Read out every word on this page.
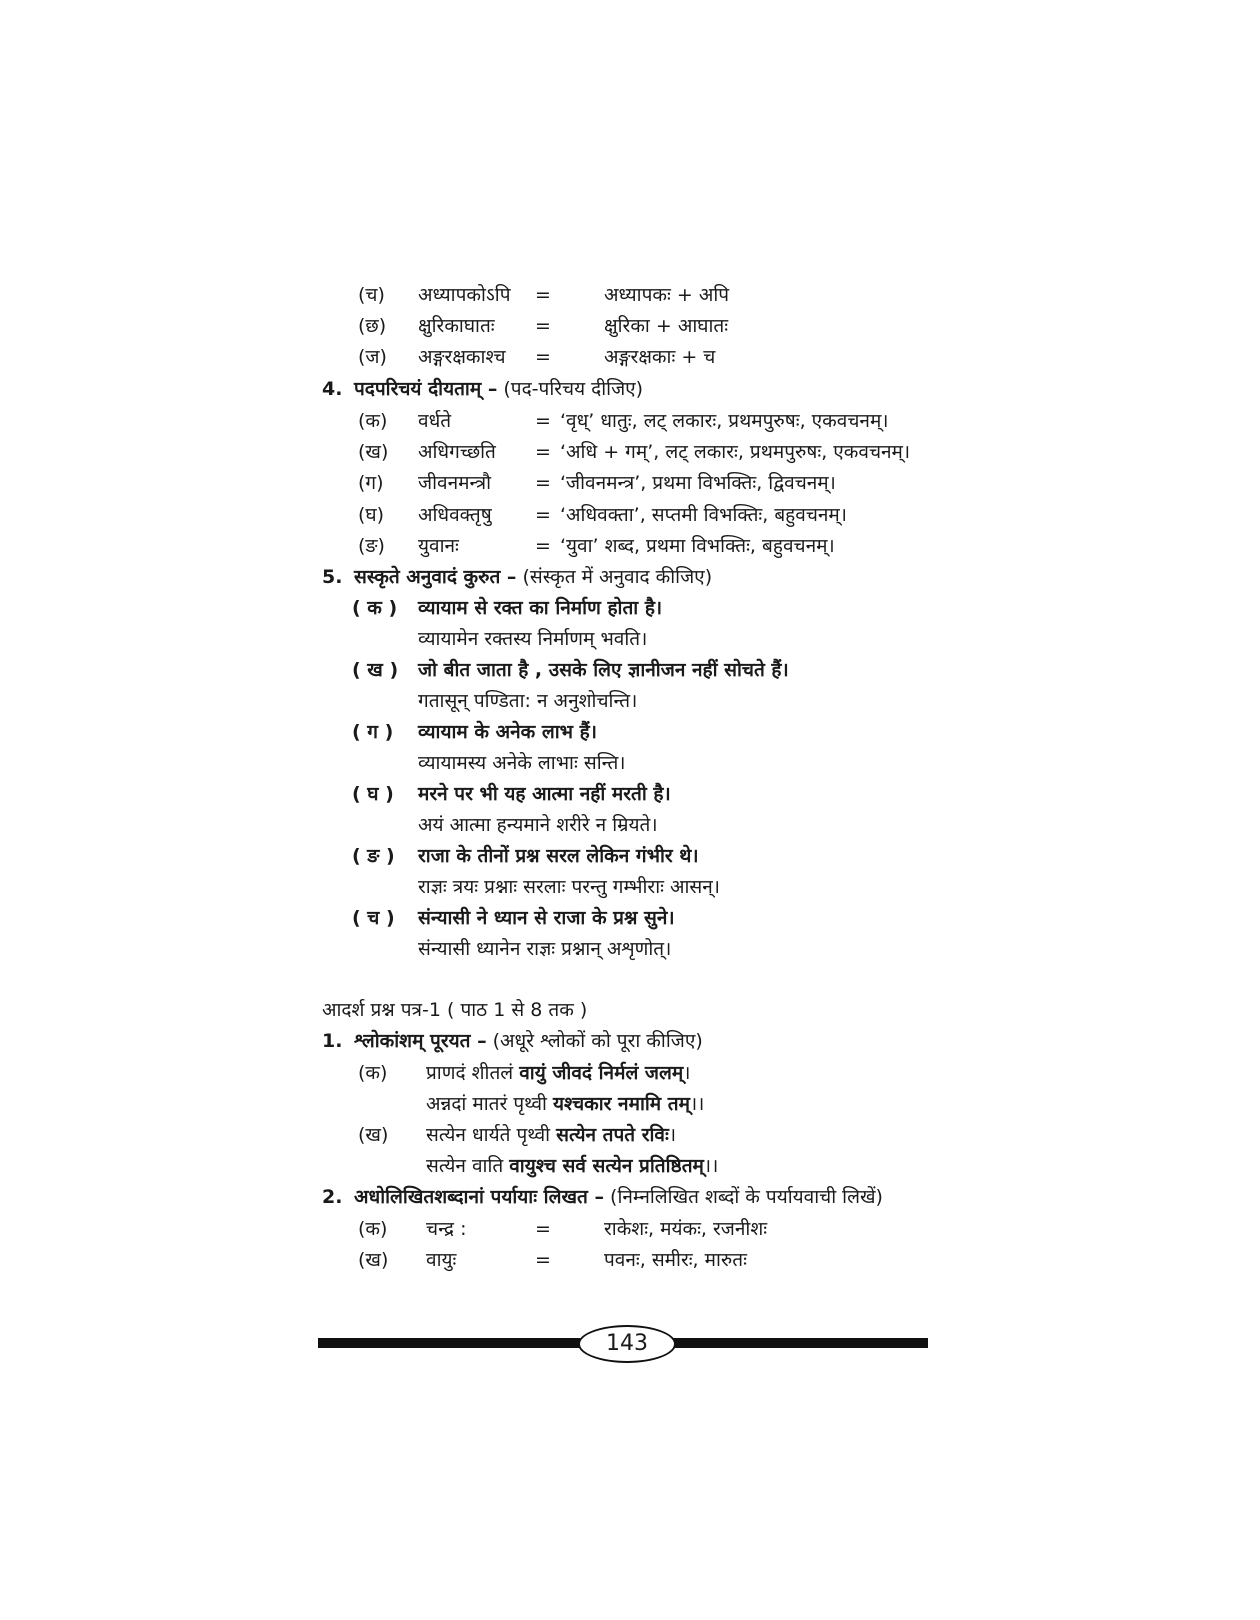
(च) अध्यापकोऽपि =	अध्यापकः + अपि
(छ) क्षुरिकाघातः =	क्षुरिका + आघातः
(ज) अङ्गरक्षकाश्च =	अङ्गरक्षकाः + च
4. पदपरिचयं दीयताम् – (पद-परिचय दीजिए)
(क) वर्धते	= ‘वृध्’ धातुः, लट् लकारः, प्रथमपुरुषः, एकवचनम्।
(ख) अधिगच्छति = ‘अधि + गम्’, लट् लकारः, प्रथमपुरुषः, एकवचनम्।
(ग) जीवनमन्त्रौ = ‘जीवनमन्त्र’, प्रथमा विभक्तिः, द्विवचनम्।
(घ) अधिवक्तृषु = ‘अधिवक्ता’, सप्तमी विभक्तिः, बहुवचनम्।
(ङ) युवानः	= ‘युवा’ शब्द, प्रथमा विभक्तिः, बहुवचनम्।
5. सस्कृते अनुवादं कुरुत – (संस्कृत में अनुवाद कीजिए)
( क ) व्यायाम से रक्त का निर्माण होता है।
व्यायामेन रक्तस्य निर्माणम् भवति।
( ख ) जो बीत जाता है , उसके लिए ज्ञानीजन नहीं सोचते हैं।
गतासून् पण्डिता: न अनुशोचन्ति।
( ग ) व्यायाम के अनेक लाभ हैं।
व्यायामस्य अनेके लाभाः सन्ति।
( घ ) मरने पर भी यह आत्मा नहीं मरती है।
अयं आत्मा हन्यमाने शरीरे न म्रियते।
( ङ ) राजा के तीनों प्रश्न सरल लेकिन गंभीर थे।
राज्ञः त्रयः प्रश्नाः सरलाः परन्तु गम्भीराः आसन्।
( च ) संन्यासी ने ध्यान से राजा के प्रश्न सुने।
संन्यासी ध्यानेन राज्ञः प्रश्नान् अशृणोत्।
आदर्श प्रश्न पत्र-1 ( पाठ 1 से 8 तक )
1. श्लोकांशम् पूरयत – (अधूरे श्लोकों को पूरा कीजिए)
(क) प्राणदं शीतलं वायुं जीवदं निर्मलं जलम्।
अन्नदां मातरं पृथ्वी यश्चकार नमामि तम्।।
(ख) सत्येन धार्यते पृथ्वी सत्येन तपते रविः।
सत्येन वाति वायुश्च सर्व सत्येन प्रतिष्ठितम्।।
2. अधोलिखितशब्दानां पर्यायाः लिखत – (निम्नलिखित शब्दों के पर्यायवाची लिखें)
(क) चन्द्र :	=	राकेशः, मयंकः, रजनीशः
(ख) वायुः	=	पवनः, समीरः, मारुतः
143
